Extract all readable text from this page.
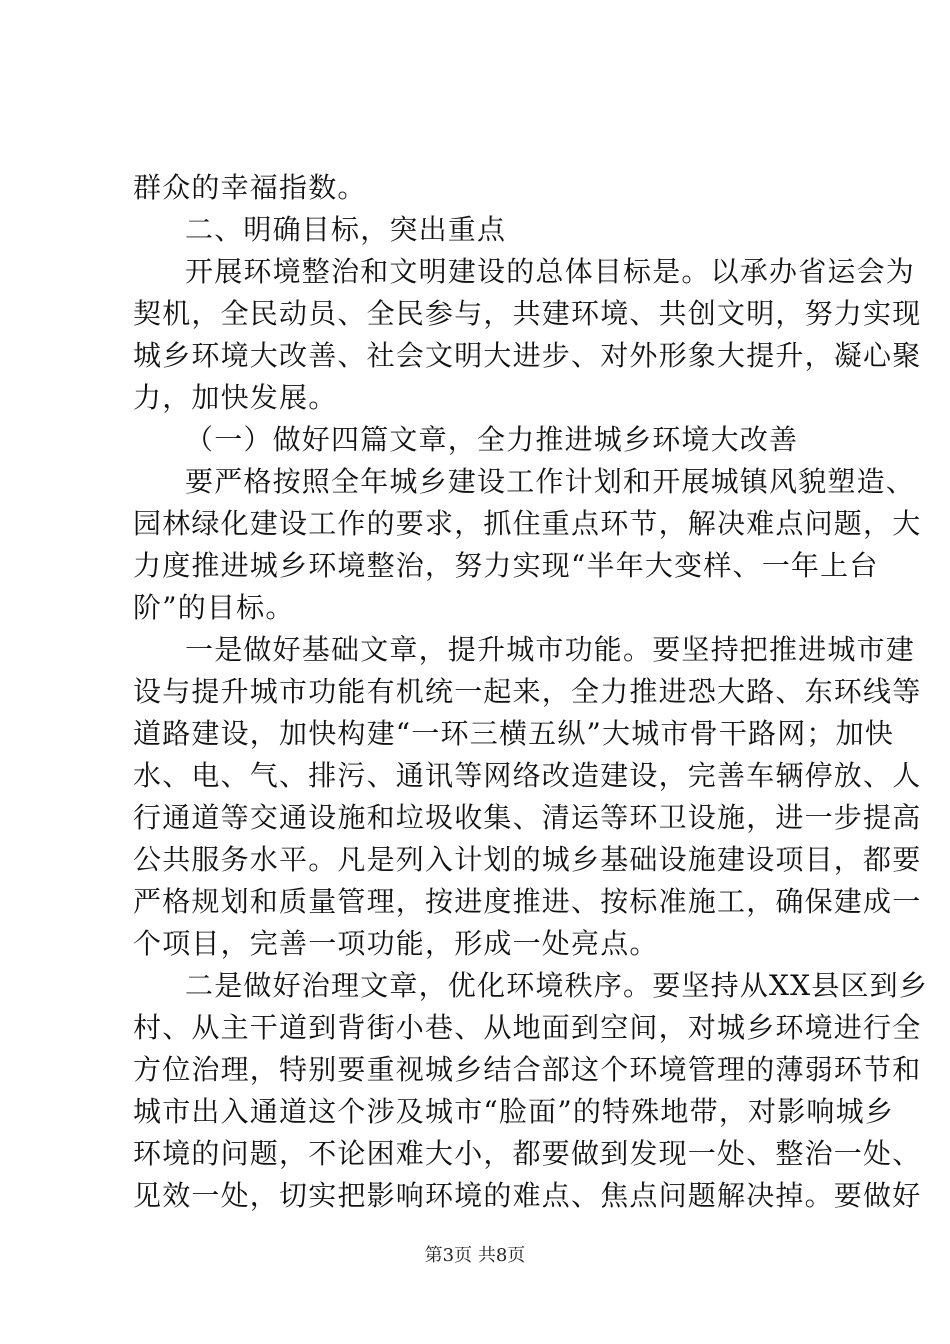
群众的幸福指数。
二、明确目标，突出重点
开展环境整治和文明建设的总体目标是。以承办省运会为
契机，全民动员、全民参与，共建环境、共创文明，努力实现
城乡环境大改善、社会文明大进步、对外形象大提升，凝心聚
力，加快发展。
（一）做好四篇文章，全力推进城乡环境大改善
要严格按照全年城乡建设工作计划和开展城镇风貌塑造、
园林绿化建设工作的要求，抓住重点环节，解决难点问题，大
力度推进城乡环境整治，努力实现“半年大变样、一年上台
阶”的目标。
一是做好基础文章，提升城市功能。要坚持把推进城市建
设与提升城市功能有机统一起来，全力推进恐大路、东环线等
道路建设，加快构建“一环三横五纵”大城市骨干路网；加快
水、电、气、排污、通讯等网络改造建设，完善车辆停放、人
行通道等交通设施和垃圾收集、清运等环卫设施，进一步提高
公共服务水平。凡是列入计划的城乡基础设施建设项目，都要
严格规划和质量管理，按进度推进、按标准施工，确保建成一
个项目，完善一项功能，形成一处亮点。
二是做好治理文章，优化环境秩序。要坚持从XX县区到乡
村、从主干道到背街小巷、从地面到空间，对城乡环境进行全
方位治理，特别要重视城乡结合部这个环境管理的薄弱环节和
城市出入通道这个涉及城市“脸面”的特殊地带，对影响城乡
环境的问题，不论困难大小，都要做到发现一处、整治一处、
见效一处，切实把影响环境的难点、焦点问题解决掉。要做好
第3页 共8页
